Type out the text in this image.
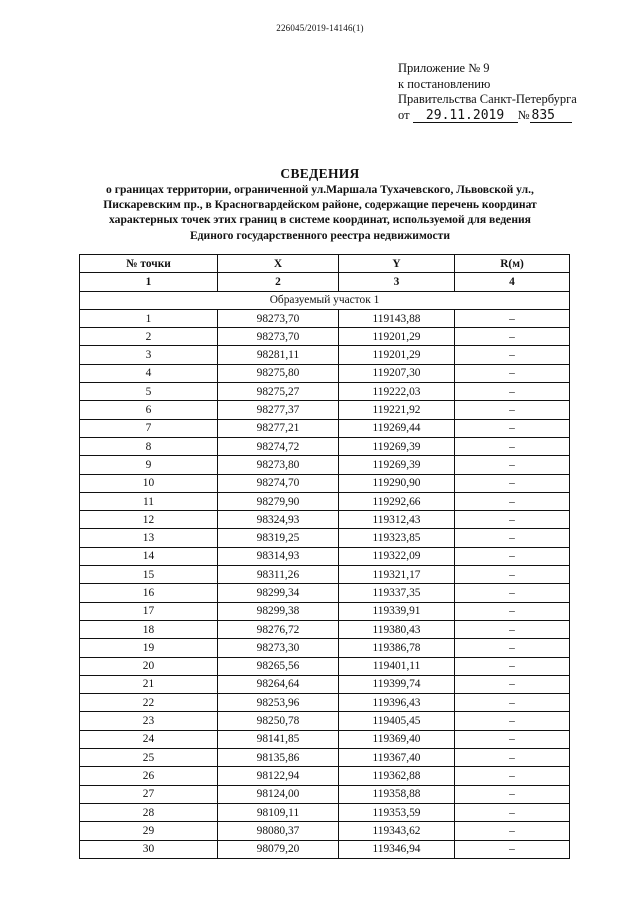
226045/2019-14146(1)
Приложение № 9
к постановлению
Правительства Санкт-Петербурга
от	29.11.2019	№ 835
СВЕДЕНИЯ
о границах территории, ограниченной ул.Маршала Тухачевского, Львовской ул.,
Пискаревским пр., в Красногвардейском районе, содержащие перечень координат
характерных точек этих границ в системе координат, используемой для ведения
Единого государственного реестра недвижимости
№ точки	X	Y	R(м)
1	2	3	4
Образуемый участок 1			
1	98273,70	119143,88	–
2	98273,70	119201,29	–
3	98281,11	119201,29	–
4	98275,80	119207,30	–
5	98275,27	119222,03	–
6	98277,37	119221,92	–
7	98277,21	119269,44	–
8	98274,72	119269,39	–
9	98273,80	119269,39	–
10	98274,70	119290,90	–
11	98279,90	119292,66	–
12	98324,93	119312,43	–
13	98319,25	119323,85	–
14	98314,93	119322,09	–
15	98311,26	119321,17	–
16	98299,34	119337,35	–
17	98299,38	119339,91	–
18	98276,72	119380,43	–
19	98273,30	119386,78	–
20	98265,56	119401,11	–
21	98264,64	119399,74	–
22	98253,96	119396,43	–
23	98250,78	119405,45	–
24	98141,85	119369,40	–
25	98135,86	119367,40	–
26	98122,94	119362,88	–
27	98124,00	119358,88	–
28	98109,11	119353,59	–
29	98080,37	119343,62	–
30	98079,20	119346,94	–
